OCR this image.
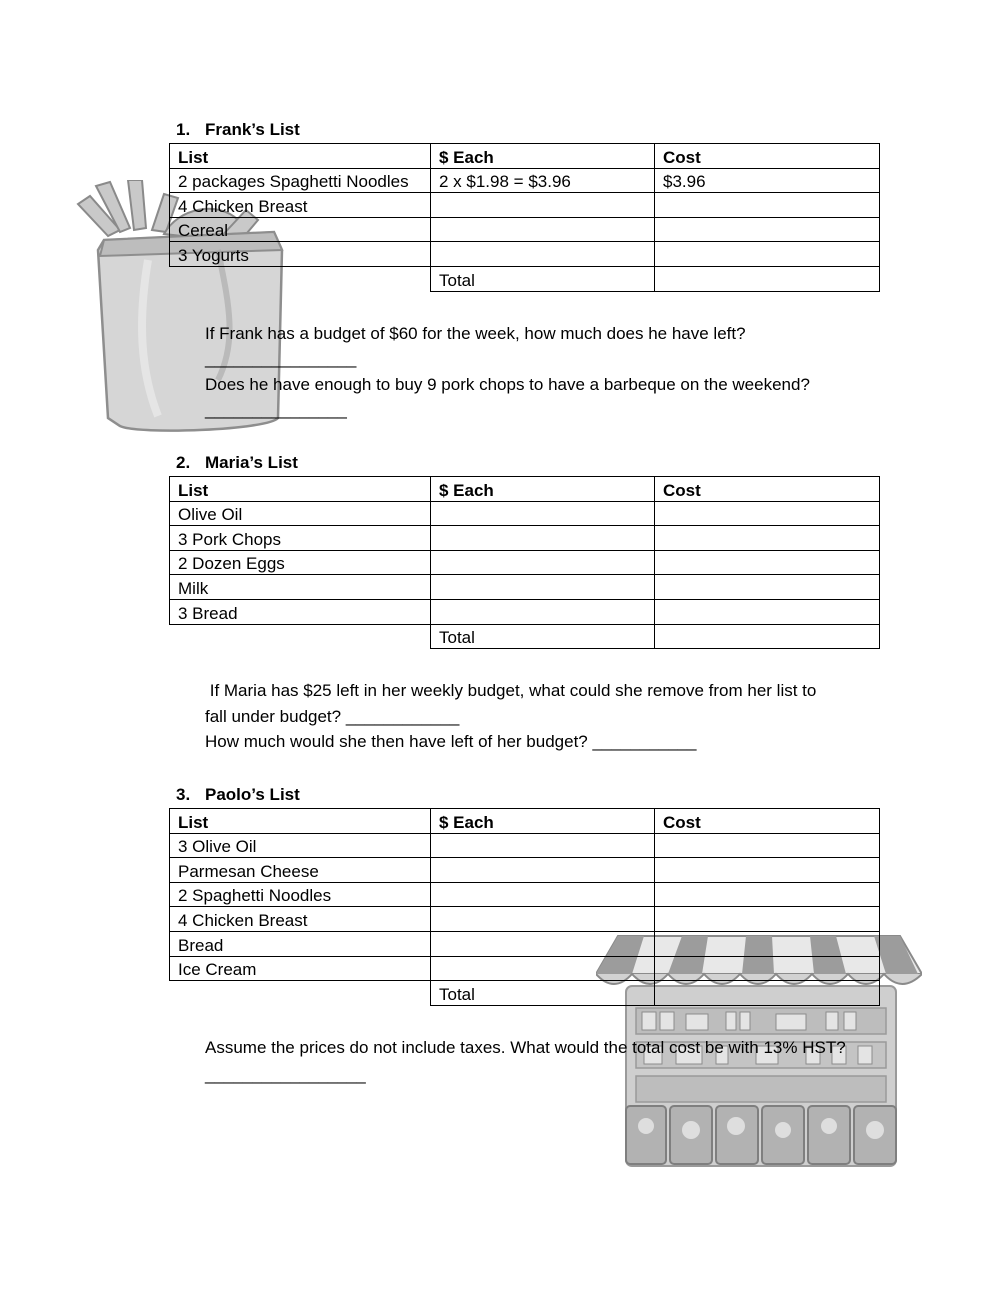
1. Frank’s List
List	$ Each	Cost
2 packages Spaghetti Noodles	2 x $1.98 = $3.96	$3.96
4 Chicken Breast		
Cereal		
3 Yogurts		
	Total	

If Frank has a budget of $60 for the week, how much does he have left?

________________

Does he have enough to buy 9 pork chops to have a barbeque on the weekend?

_______________

2. Maria’s List
List	$ Each	Cost
Olive Oil		
3 Pork Chops		
2 Dozen Eggs		
Milk		
3 Bread		
	Total	

If Maria has $25 left in her weekly budget, what could she remove from her list to

fall under budget? ____________

How much would she then have left of her budget? ___________

3. Paolo’s List
List	$ Each	Cost
3 Olive Oil		
Parmesan Cheese		
2 Spaghetti Noodles		
4 Chicken Breast		
Bread		
Ice Cream		
	Total	

Assume the prices do not include taxes. What would the total cost be with 13% HST?

_________________
